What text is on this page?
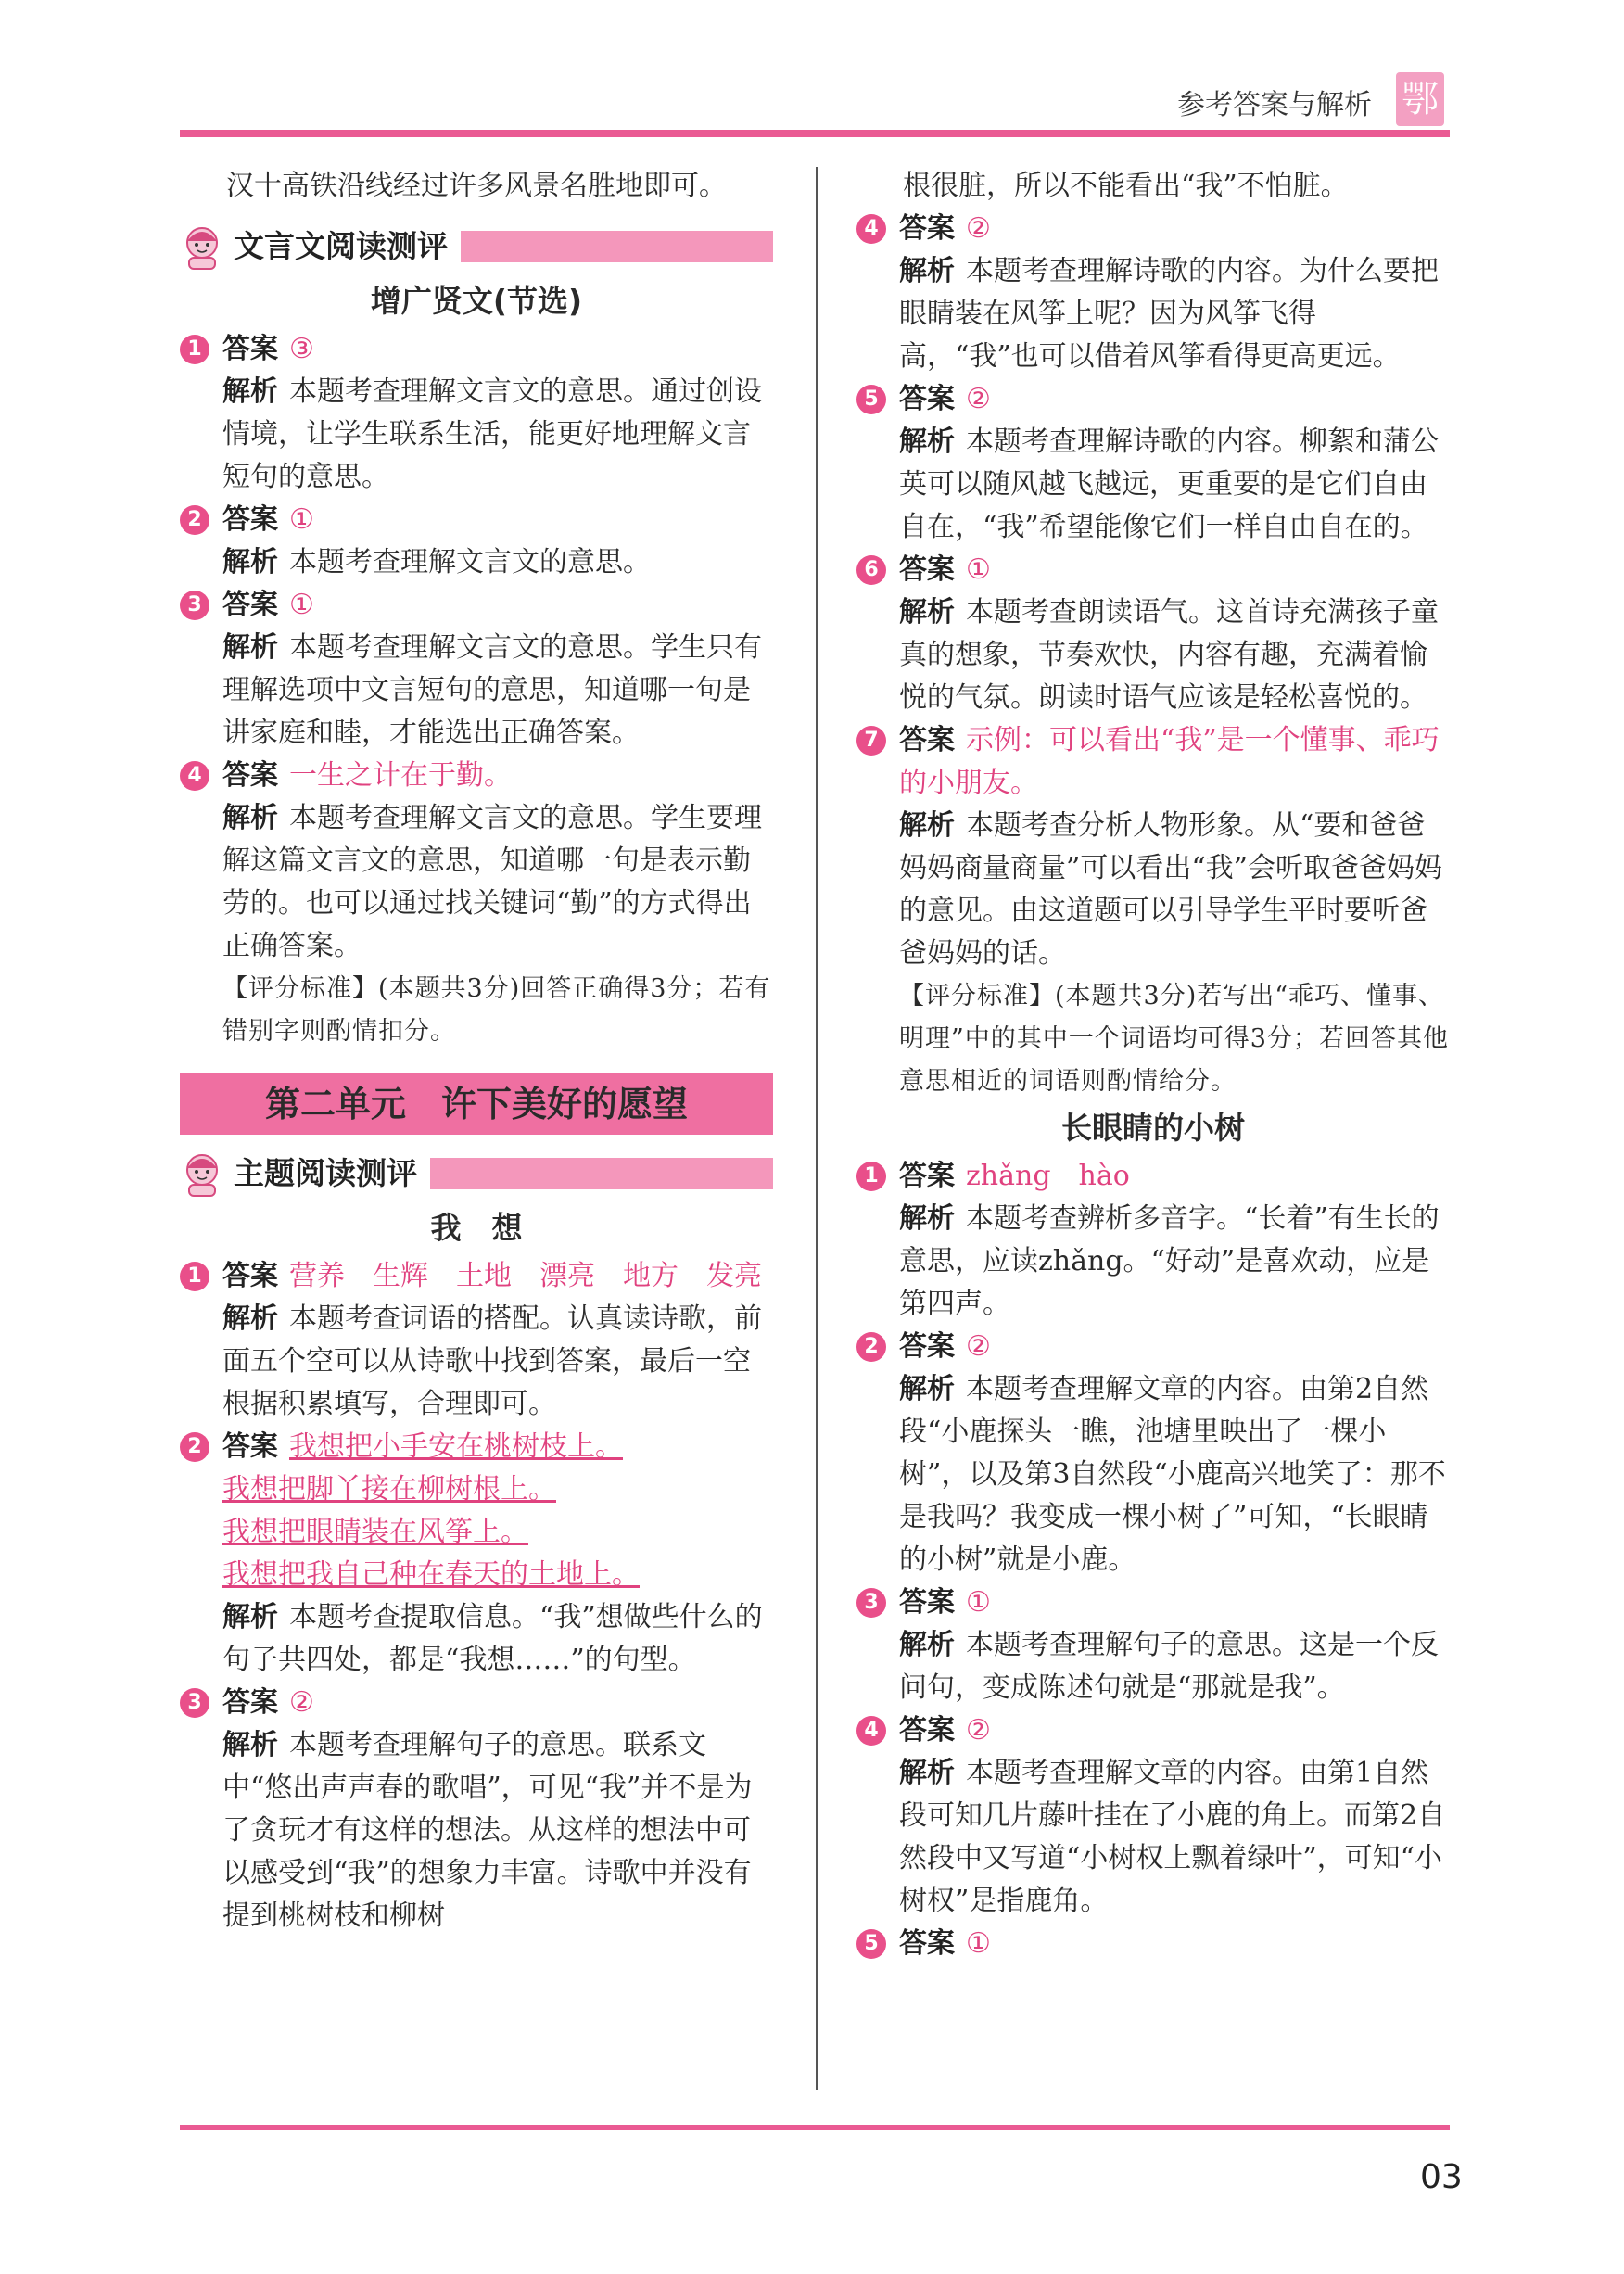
参考答案与解析 鄂

汉十高铁沿线经过许多风景名胜地即可。

文言文阅读测评
增广贤文(节选)
1 答案 ③

解析 本题考查理解文言文的意思。通过创设情境，让学生联系生活，能更好地理解文言短句的意思。

2 答案 ①

解析 本题考查理解文言文的意思。

3 答案 ①

解析 本题考查理解文言文的意思。学生只有理解选项中文言短句的意思，知道哪一句是讲家庭和睦，才能选出正确答案。

4 答案 一生之计在于勤。

解析 本题考查理解文言文的意思。学生要理解这篇文言文的意思，知道哪一句是表示勤劳的。也可以通过找关键词“勤”的方式得出正确答案。

【评分标准】(本题共3分)回答正确得3分；若有错别字则酌情扣分。

第二单元　许下美好的愿望
主题阅读测评
我　想
1 答案 营养　生辉　土地　漂亮　地方　发亮

解析 本题考查词语的搭配。认真读诗歌，前面五个空可以从诗歌中找到答案，最后一空根据积累填写，合理即可。

2 答案 我想把小手安在桃树枝上。

我想把脚丫接在柳树根上。

我想把眼睛装在风筝上。

我想把我自己种在春天的土地上。

解析 本题考查提取信息。“我”想做些什么的句子共四处，都是“我想……”的句型。

3 答案 ②

解析 本题考查理解句子的意思。联系文中“悠出声声春的歌唱”，可见“我”并不是为了贪玩才有这样的想法。从这样的想法中可以感受到“我”的想象力丰富。诗歌中并没有提到桃树枝和柳树

根很脏，所以不能看出“我”不怕脏。

4 答案 ②

解析 本题考查理解诗歌的内容。为什么要把眼睛装在风筝上呢？因为风筝飞得高，“我”也可以借着风筝看得更高更远。

5 答案 ②

解析 本题考查理解诗歌的内容。柳絮和蒲公英可以随风越飞越远，更重要的是它们自由自在，“我”希望能像它们一样自由自在的。

6 答案 ①

解析 本题考查朗读语气。这首诗充满孩子童真的想象，节奏欢快，内容有趣，充满着愉悦的气氛。朗读时语气应该是轻松喜悦的。

7 答案 示例：可以看出“我”是一个懂事、乖巧的小朋友。

解析 本题考查分析人物形象。从“要和爸爸妈妈商量商量”可以看出“我”会听取爸爸妈妈的意见。由这道题可以引导学生平时要听爸爸妈妈的话。

【评分标准】(本题共3分)若写出“乖巧、懂事、明理”中的其中一个词语均可得3分；若回答其他意思相近的词语则酌情给分。

长眼睛的小树
1 答案 zhǎng　hào

解析 本题考查辨析多音字。“长着”有生长的意思，应读zhǎng。“好动”是喜欢动，应是第四声。

2 答案 ②

解析 本题考查理解文章的内容。由第2自然段“小鹿探头一瞧，池塘里映出了一棵小树”，以及第3自然段“小鹿高兴地笑了：那不是我吗？我变成一棵小树了”可知，“长眼睛的小树”就是小鹿。

3 答案 ①

解析 本题考查理解句子的意思。这是一个反问句，变成陈述句就是“那就是我”。

4 答案 ②

解析 本题考查理解文章的内容。由第1自然段可知几片藤叶挂在了小鹿的角上。而第2自然段中又写道“小树权上飘着绿叶”，可知“小树权”是指鹿角。

5 答案 ①
03
